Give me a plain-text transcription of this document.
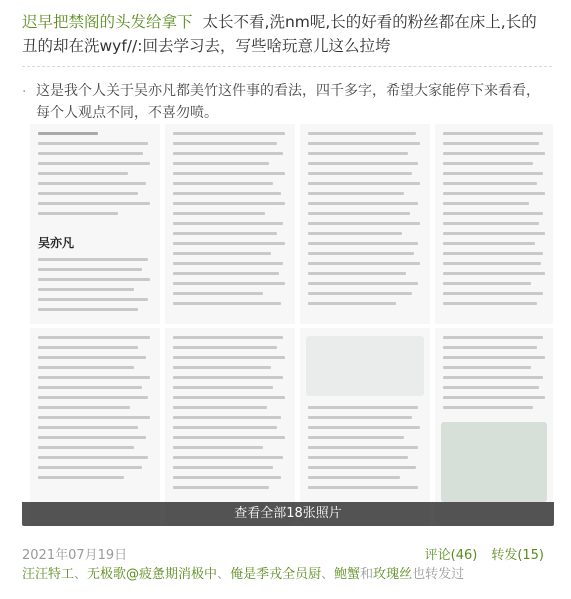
迟早把禁阁的头发给拿下 太长不看,洗nm呢,长的好看的粉丝都在床上,长的丑的却在洗wyf//:回去学习去，写些啥玩意儿这么拉垮

. 这是我个人关于吴亦凡都美竹这件事的看法，四千多字，希望大家能停下来看看，每个人观点不同，不喜勿喷。

吴亦凡
查看全部18张照片
2021年07月19日	评论(46) 转发(15)

汪汪特工、无极歌@疲惫期消极中、俺是季戎全员厨、鲍蟹和玫瑰丝也转发过
